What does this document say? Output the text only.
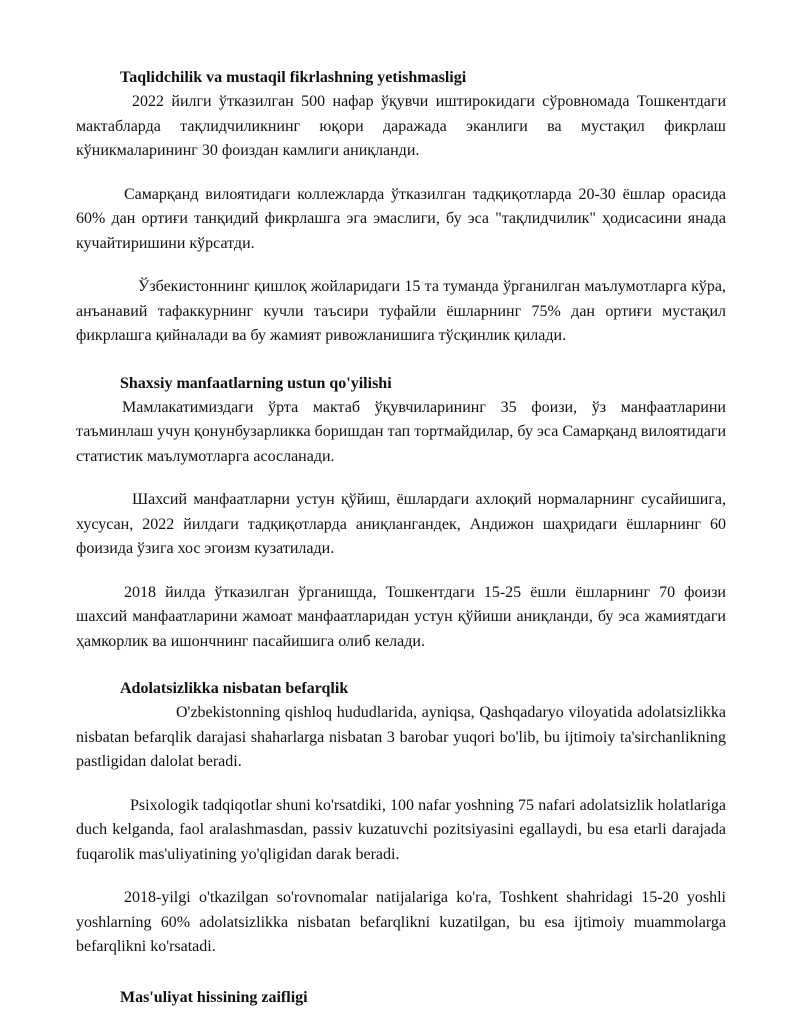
Taqlidchilik va mustaqil fikrlashning yetishmasligi

2022 йилги ўтказилган 500 нафар ўқувчи иштирокидаги сўровномада Тошкентдаги мактабларда тақлидчиликнинг юқори даражада эканлиги ва мустақил фикрлаш кўникмаларининг 30 фоиздан камлиги аниқланди.

Самарқанд вилоятидаги коллежларда ўтказилган тадқиқотларда 20-30 ёшлар орасида 60% дан ортиғи танқидий фикрлашга эга эмаслиги, бу эса "тақлидчилик" ҳодисасини янада кучайтиришини кўрсатди.

Ўзбекистоннинг қишлоқ жойларидаги 15 та туманда ўрганилган маълумотларга кўра, анъанавий тафаккурнинг кучли таъсири туфайли ёшларнинг 75% дан ортиғи мустақил фикрлашга қийналади ва бу жамият ривожланишига тўсқинлик қилади.

Shaxsiy manfaatlarning ustun qo'yilishi

Мамлакатимиздаги ўрта мактаб ўқувчиларининг 35 фоизи, ўз манфаатларини таъминлаш учун қонунбузарликка боришдан тап тортмайдилар, бу эса Самарқанд вилоятидаги статистик маълумотларга асосланади.

Шахсий манфаатларни устун қўйиш, ёшлардаги ахлоқий нормаларнинг сусайишига, хусусан, 2022 йилдаги тадқиқотларда аниқлангандек, Андижон шаҳридаги ёшларнинг 60 фоизида ўзига хос эгоизм кузатилади.

2018 йилда ўтказилган ўрганишда, Тошкентдаги 15-25 ёшли ёшларнинг 70 фоизи шахсий манфаатларини жамоат манфаатларидан устун қўйиши аниқланди, бу эса жамиятдаги ҳамкорлик ва ишончнинг пасайишига олиб келади.

Adolatsizlikka nisbatan befarqlik

O'zbekistonning qishloq hududlarida, ayniqsa, Qashqadaryo viloyatida adolatsizlikka nisbatan befarqlik darajasi shaharlarga nisbatan 3 barobar yuqori bo'lib, bu ijtimoiy ta'sirchanlikning pastligidan dalolat beradi.

Psixologik tadqiqotlar shuni ko'rsatdiki, 100 nafar yoshning 75 nafari adolatsizlik holatlariga duch kelganda, faol aralashmasdan, passiv kuzatuvchi pozitsiyasini egallaydi, bu esa etarli darajada fuqarolik mas'uliyatining yo'qligidan darak beradi.

2018-yilgi o'tkazilgan so'rovnomalar natijalariga ko'ra, Toshkent shahridagi 15-20 yoshli yoshlarning 60% adolatsizlikka nisbatan befarqlikni kuzatilgan, bu esa ijtimoiy muammolarga befarqlikni ko'rsatadi.

Mas'uliyat hissining zaifligi
